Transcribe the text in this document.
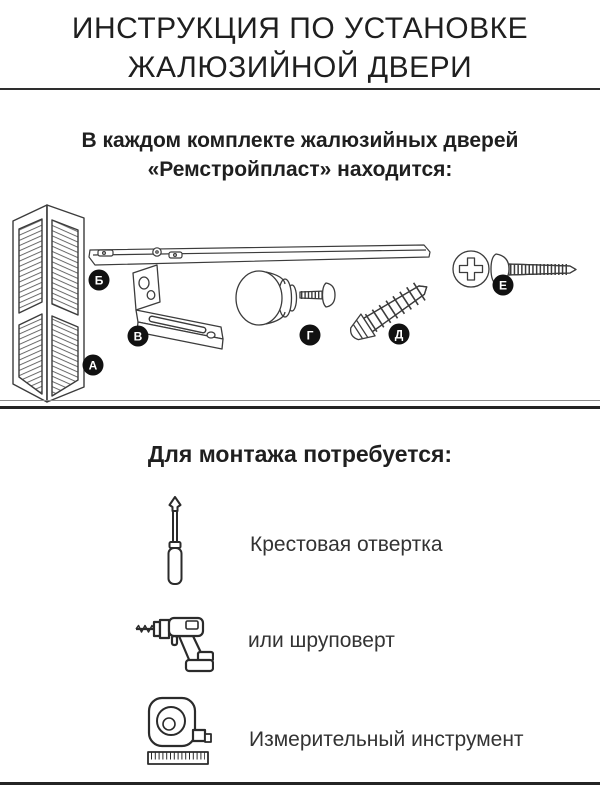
ИНСТРУКЦИЯ ПО УСТАНОВКЕ
ЖАЛЮЗИЙНОЙ ДВЕРИ
В каждом комплекте жалюзийных дверей
«Ремстройпласт» находится:
А
Б
В	Г	Д
Е
Для монтажа потребуется:
Крестовая отвертка
или шруповерт
Измерительный инструмент
